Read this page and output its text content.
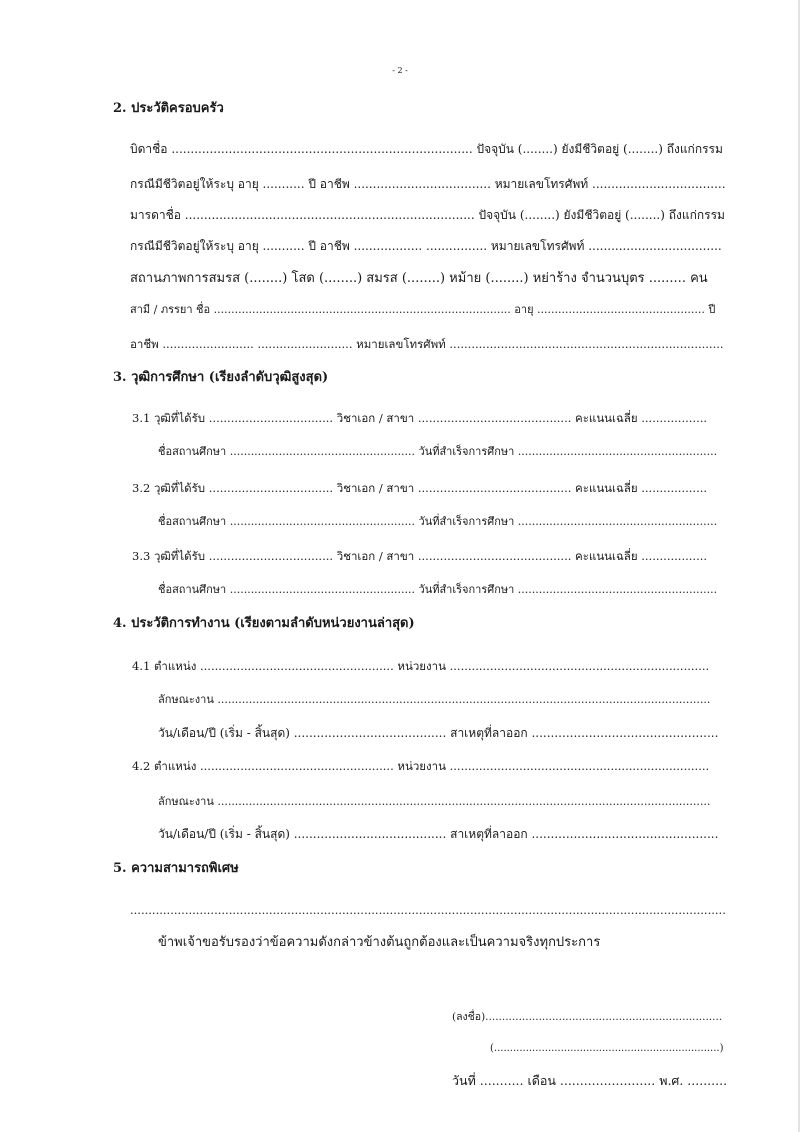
- 2 -
2. ประวัติครอบครัว
บิดาชื่อ ............................................................................... ปัจจุบัน (........) ยังมีชีวิตอยู่ (........) ถึงแก่กรรม
กรณีมีชีวิตอยู่ให้ระบุ อายุ ........... ปี อาชีพ .................................... หมายเลขโทรศัพท์ ...................................
มารดาชื่อ ............................................................................ ปัจจุบัน (........) ยังมีชีวิตอยู่ (........) ถึงแก่กรรม
กรณีมีชีวิตอยู่ให้ระบุ อายุ ........... ปี อาชีพ .................. ................ หมายเลขโทรศัพท์ ...................................
สถานภาพการสมรส (........) โสด (........) สมรส (........) หม้าย (........) หย่าร้าง จำนวนบุตร ......... คน
สามี / ภรรยา ชื่อ ..................................................................................... อายุ ................................................ ปี
อาชีพ ......................... .......................... หมายเลขโทรศัพท์ ...........................................................................
3. วุฒิการศึกษา (เรียงลำดับวุฒิสูงสุด)
3.1 วุฒิที่ได้รับ .................................. วิชาเอก / สาขา .......................................... คะแนนเฉลี่ย ..................
ชื่อสถานศึกษา ..................................................... วันที่สำเร็จการศึกษา .........................................................
3.2 วุฒิที่ได้รับ .................................. วิชาเอก / สาขา .......................................... คะแนนเฉลี่ย ..................
ชื่อสถานศึกษา ..................................................... วันที่สำเร็จการศึกษา .........................................................
3.3 วุฒิที่ได้รับ .................................. วิชาเอก / สาขา .......................................... คะแนนเฉลี่ย ..................
ชื่อสถานศึกษา ..................................................... วันที่สำเร็จการศึกษา .........................................................
4. ประวัติการทำงาน (เรียงตามลำดับหน่วยงานล่าสุด)
4.1 ตำแหน่ง ..................................................... หน่วยงาน .......................................................................
ลักษณะงาน .............................................................................................................................................
วัน/เดือน/ปี (เริ่ม - สิ้นสุด) ........................................ สาเหตุที่ลาออก .................................................
4.2 ตำแหน่ง ..................................................... หน่วยงาน .......................................................................
ลักษณะงาน .............................................................................................................................................
วัน/เดือน/ปี (เริ่ม - สิ้นสุด) ........................................ สาเหตุที่ลาออก .................................................
5. ความสามารถพิเศษ
...................................................................................................................................................................
ข้าพเจ้าขอรับรองว่าข้อความดังกล่าวข้างต้นถูกต้องและเป็นความจริงทุกประการ
(ลงชื่อ).......................................................................
(.......................................................................)
วันที่ ........... เดือน ........................ พ.ศ. ..........
